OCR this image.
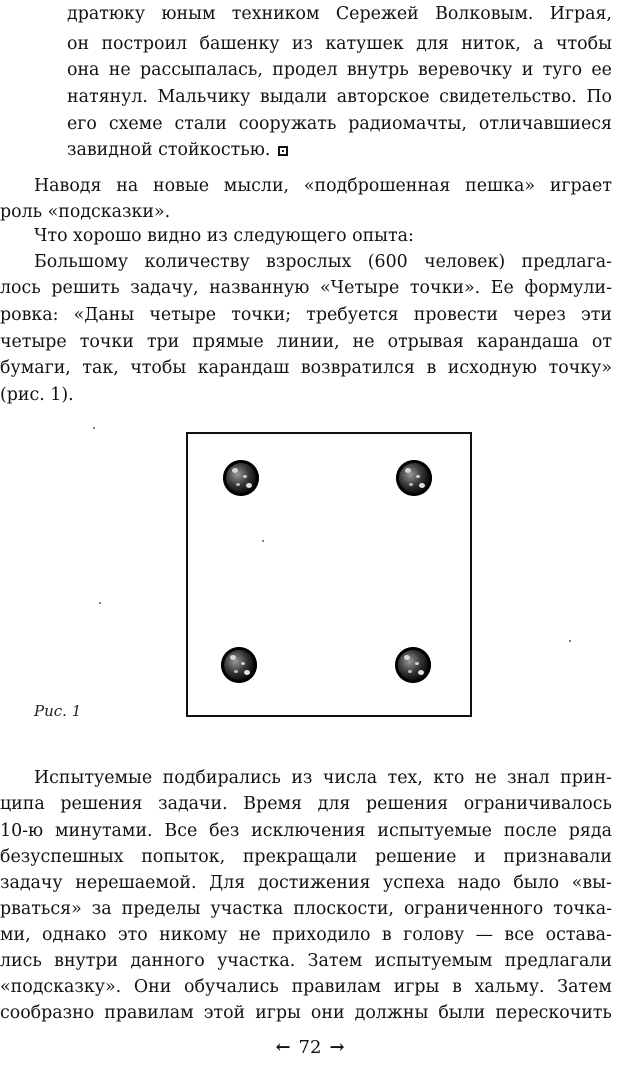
дратюку юным техником Сережей Волковым. Играя,
он построил башенку из катушек для ниток, а чтобы
она не рассыпалась, продел внутрь веревочку и туго ее
натянул. Мальчику выдали авторское свидетельство. По
его схеме стали сооружать радиомачты, отличавшиеся
завидной стойкостью.
Наводя на новые мысли, «подброшенная пешка» играет
роль «подсказки».
Что хорошо видно из следующего опыта:
Большому количеству взрослых (600 человек) предлага-
лось решить задачу, названную «Четыре точки». Ее формули-
ровка: «Даны четыре точки; требуется провести через эти
четыре точки три прямые линии, не отрывая карандаша от
бумаги, так, чтобы карандаш возвратился в исходную точку»
(рис. 1).
Рис. 1
Испытуемые подбирались из числа тех, кто не знал прин-
ципа решения задачи. Время для решения ограничивалось
10-ю минутами. Все без исключения испытуемые после ряда
безуспешных попыток, прекращали решение и признавали
задачу нерешаемой. Для достижения успеха надо было «вы-
рваться» за пределы участка плоскости, ограниченного точка-
ми, однако это никому не приходило в голову — все остава-
лись внутри данного участка. Затем испытуемым предлагали
«подсказку». Они обучались правилам игры в хальму. Затем
сообразно правилам этой игры они должны были перескочить
← 72 →
